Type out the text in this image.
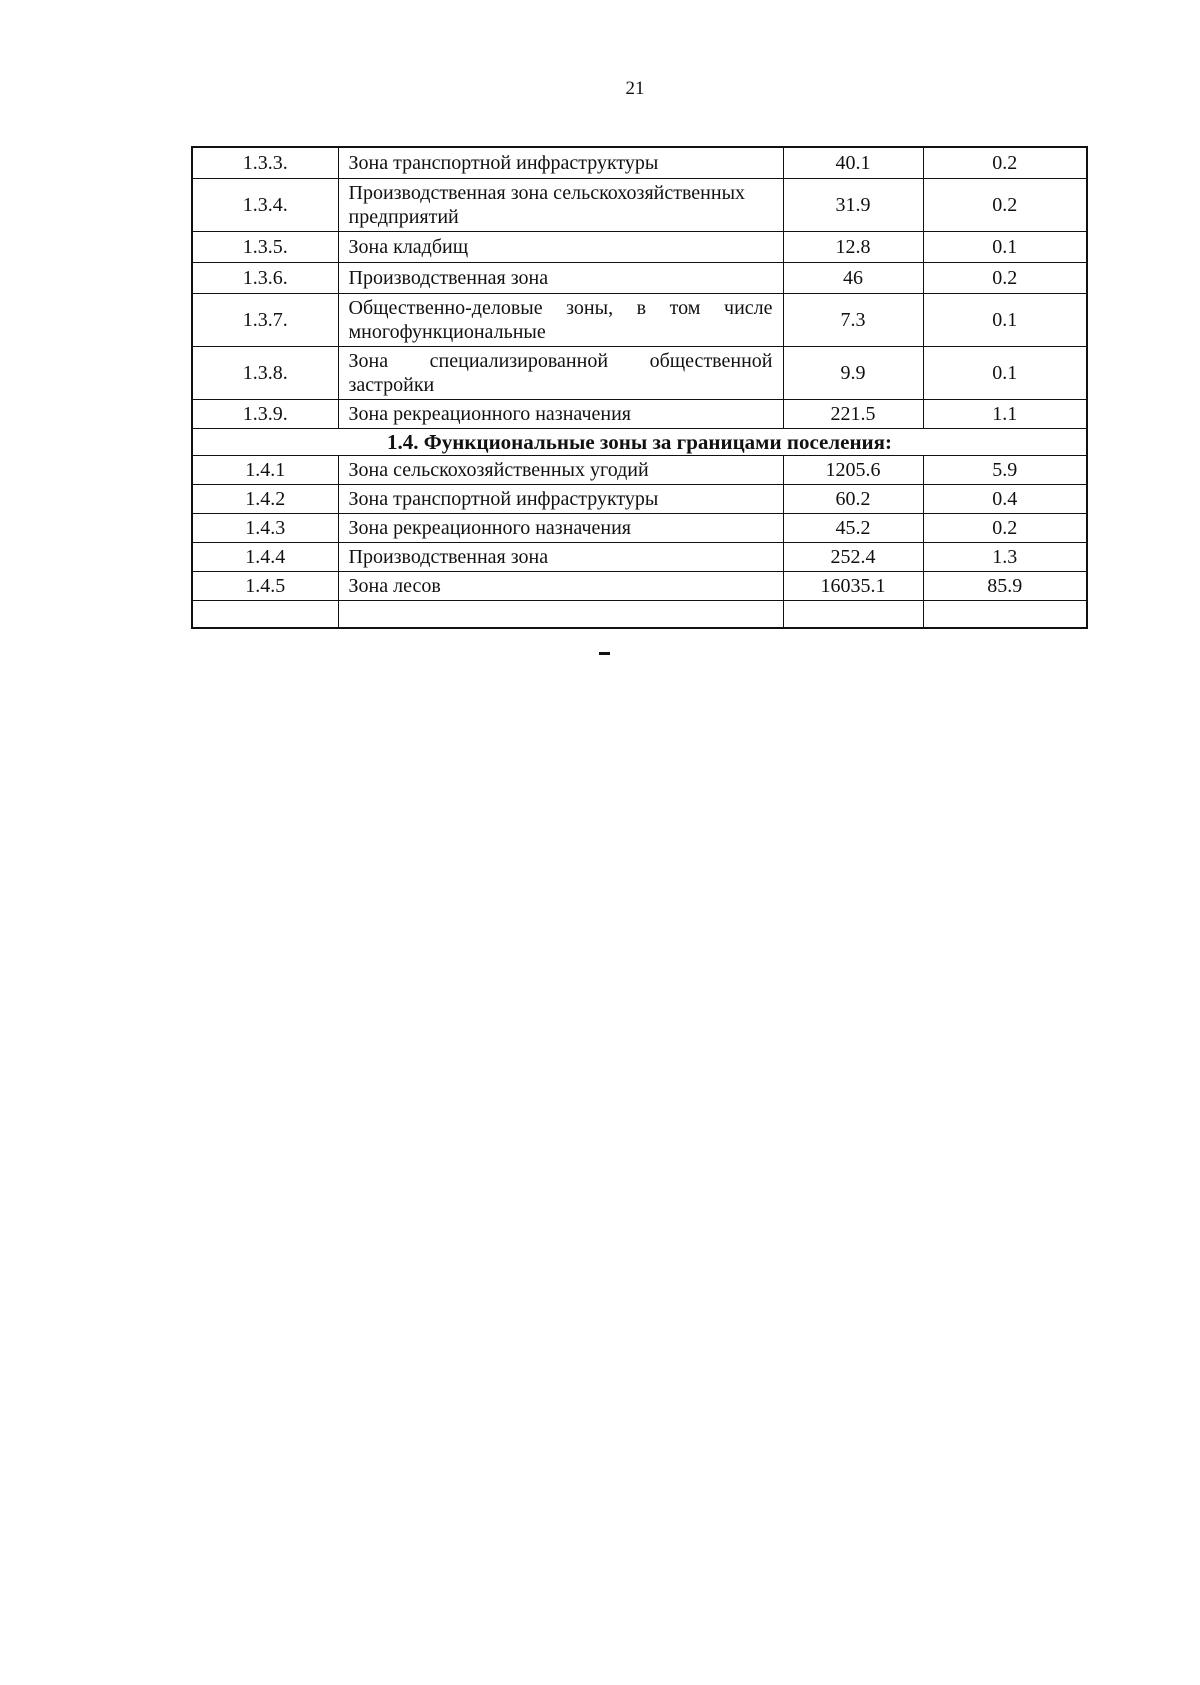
21
1.3.3.	Зона транспортной инфраструктуры	40.1	0.2
1.3.4.	Производственная зона сельскохозяйственных предприятий	31.9	0.2
1.3.5.	Зона кладбищ	12.8	0.1
1.3.6.	Производственная зона	46	0.2
1.3.7.	Общественно-деловые зоны, в том числе многофункциональные	7.3	0.1
1.3.8.	Зона специализированной общественной застройки	9.9	0.1
1.3.9.	Зона рекреационного назначения	221.5	1.1
1.4. Функциональные зоны за границами поселения:			
1.4.1	Зона сельскохозяйственных угодий	1205.6	5.9
1.4.2	Зона транспортной инфраструктуры	60.2	0.4
1.4.3	Зона рекреационного назначения	45.2	0.2
1.4.4	Производственная зона	252.4	1.3
1.4.5	Зона лесов	16035.1	85.9
